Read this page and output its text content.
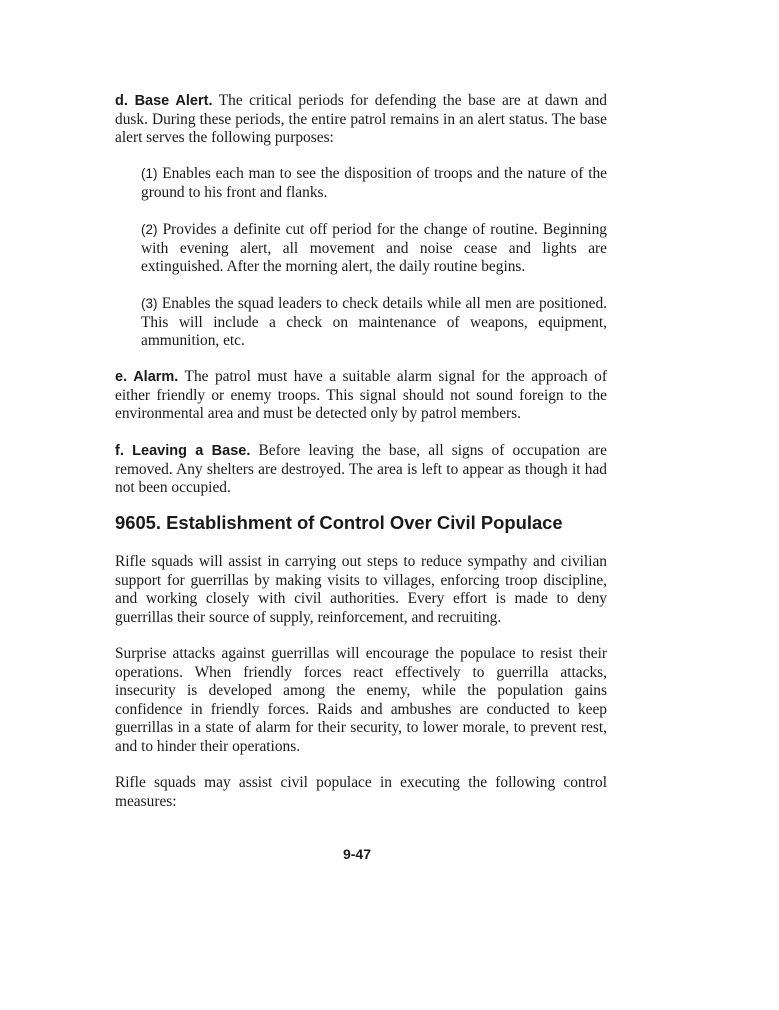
d. Base Alert. The critical periods for defending the base are at dawn and dusk. During these periods, the entire patrol remains in an alert status. The base alert serves the following purposes:

(1) Enables each man to see the disposition of troops and the nature of the ground to his front and flanks.

(2) Provides a definite cut off period for the change of routine. Beginning with evening alert, all movement and noise cease and lights are extinguished. After the morning alert, the daily routine begins.

(3) Enables the squad leaders to check details while all men are positioned. This will include a check on maintenance of weapons, equipment, ammunition, etc.

e. Alarm. The patrol must have a suitable alarm signal for the approach of either friendly or enemy troops. This signal should not sound foreign to the environmental area and must be detected only by patrol members.

f. Leaving a Base. Before leaving the base, all signs of occupation are removed. Any shelters are destroyed. The area is left to appear as though it had not been occupied.

9605. Establishment of Control Over Civil Populace

Rifle squads will assist in carrying out steps to reduce sympathy and civilian support for guerrillas by making visits to villages, enforcing troop discipline, and working closely with civil authorities. Every effort is made to deny guerrillas their source of supply, reinforcement, and recruiting.

Surprise attacks against guerrillas will encourage the populace to resist their operations. When friendly forces react effectively to guerrilla attacks, insecurity is developed among the enemy, while the population gains confidence in friendly forces. Raids and ambushes are conducted to keep guerrillas in a state of alarm for their security, to lower morale, to prevent rest, and to hinder their operations.

Rifle squads may assist civil populace in executing the following control measures:

9-47
